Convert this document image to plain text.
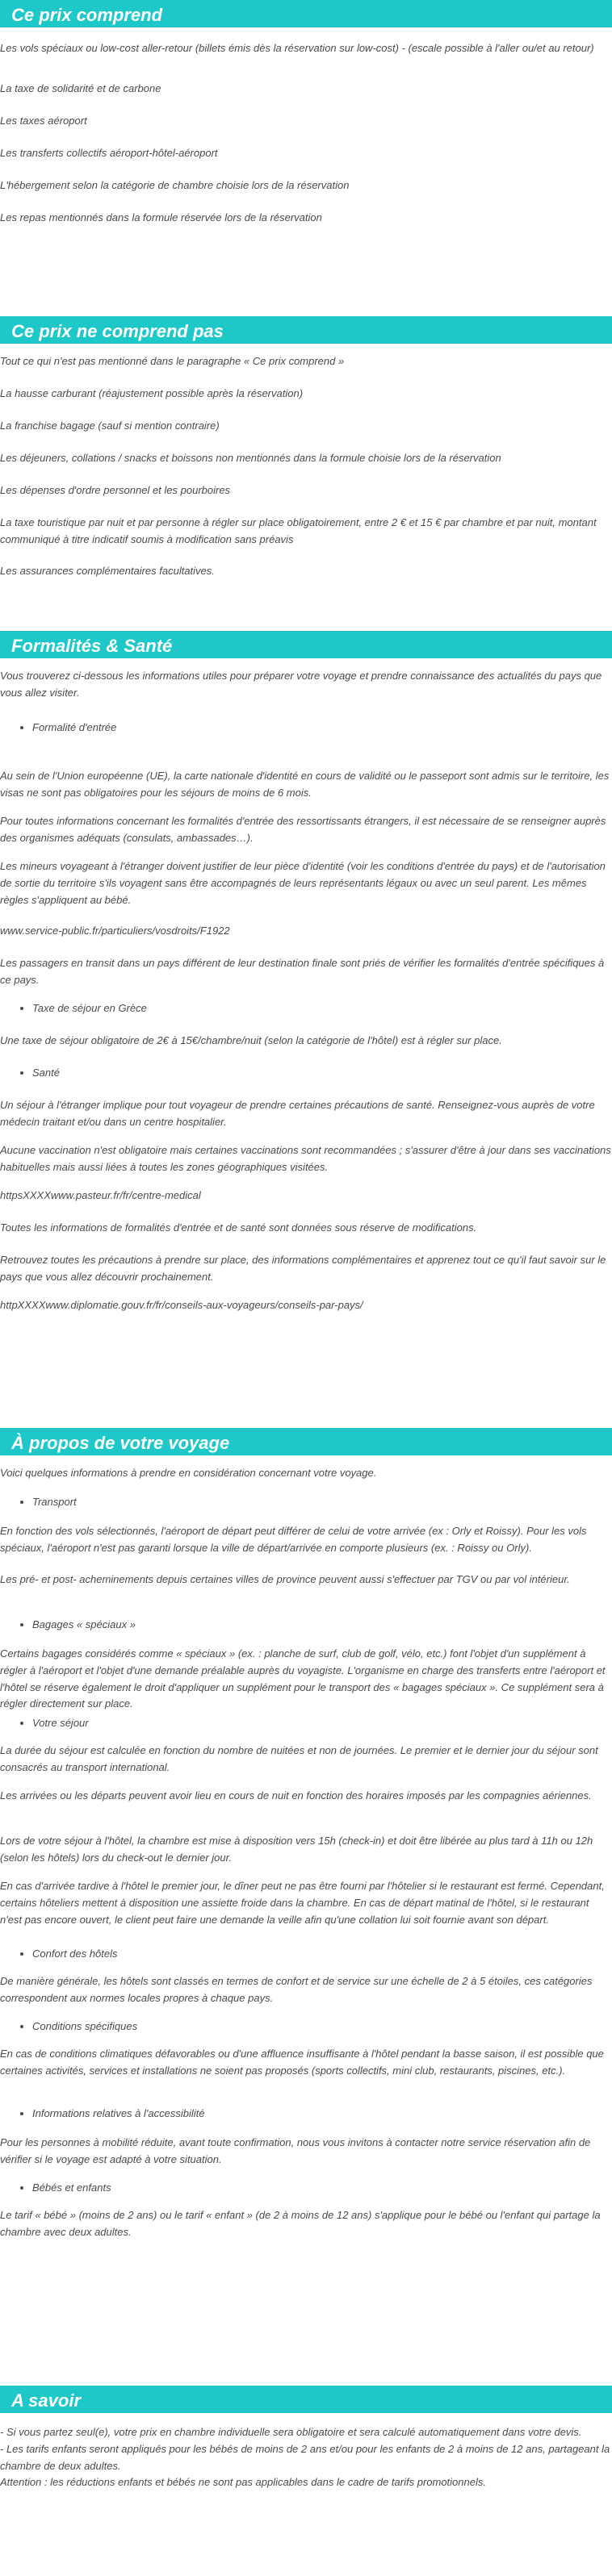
Ce prix comprend

Les vols spéciaux ou low-cost aller-retour (billets émis dès la réservation sur low-cost) - (escale possible à l'aller ou/et au retour)

La taxe de solidarité et de carbone

Les taxes aéroport

Les transferts collectifs aéroport-hôtel-aéroport

L'hébergement selon la catégorie de chambre choisie lors de la réservation

Les repas mentionnés dans la formule réservée lors de la réservation

Ce prix ne comprend pas

Tout ce qui n'est pas mentionné dans le paragraphe « Ce prix comprend »

La hausse carburant (réajustement possible après la réservation)

La franchise bagage (sauf si mention contraire)

Les déjeuners, collations / snacks et boissons non mentionnés dans la formule choisie lors de la réservation

Les dépenses d'ordre personnel et les pourboires

La taxe touristique par nuit et par personne à régler sur place obligatoirement, entre 2 € et 15 € par chambre et par nuit, montant communiqué à titre indicatif soumis à modification sans préavis

Les assurances complémentaires facultatives.

Formalités & Santé

Vous trouverez ci-dessous les informations utiles pour préparer votre voyage et prendre connaissance des actualités du pays que vous allez visiter.

• Formalité d'entrée

Au sein de l'Union européenne (UE), la carte nationale d'identité en cours de validité ou le passeport sont admis sur le territoire, les visas ne sont pas obligatoires pour les séjours de moins de 6 mois.

Pour toutes informations concernant les formalités d'entrée des ressortissants étrangers, il est nécessaire de se renseigner auprès des organismes adéquats (consulats, ambassades…).

Les mineurs voyageant à l'étranger doivent justifier de leur pièce d'identité (voir les conditions d'entrée du pays) et de l'autorisation de sortie du territoire s'ils voyagent sans être accompagnés de leurs représentants légaux ou avec un seul parent. Les mêmes règles s'appliquent au bébé.

www.service-public.fr/particuliers/vosdroits/F1922

Les passagers en transit dans un pays différent de leur destination finale sont priés de vérifier les formalités d'entrée spécifiques à ce pays.

• Taxe de séjour en Grèce

Une taxe de séjour obligatoire de 2€ à 15€/chambre/nuit (selon la catégorie de l'hôtel) est à régler sur place.

• Santé

Un séjour à l'étranger implique pour tout voyageur de prendre certaines précautions de santé. Renseignez-vous auprès de votre médecin traitant et/ou dans un centre hospitalier.

Aucune vaccination n'est obligatoire mais certaines vaccinations sont recommandées ; s'assurer d'être à jour dans ses vaccinations habituelles mais aussi liées à toutes les zones géographiques visitées.

httpsXXXXwww.pasteur.fr/fr/centre-medical

Toutes les informations de formalités d'entrée et de santé sont données sous réserve de modifications.

Retrouvez toutes les précautions à prendre sur place, des informations complémentaires et apprenez tout ce qu'il faut savoir sur le pays que vous allez découvrir prochainement.

httpXXXXwww.diplomatie.gouv.fr/fr/conseils-aux-voyageurs/conseils-par-pays/

À propos de votre voyage

Voici quelques informations à prendre en considération concernant votre voyage.

• Transport

En fonction des vols sélectionnés, l'aéroport de départ peut différer de celui de votre arrivée (ex : Orly et Roissy). Pour les vols spéciaux, l'aéroport n'est pas garanti lorsque la ville de départ/arrivée en comporte plusieurs (ex. : Roissy ou Orly).

Les pré- et post- acheminements depuis certaines villes de province peuvent aussi s'effectuer par TGV ou par vol intérieur.

• Bagages « spéciaux »

Certains bagages considérés comme « spéciaux » (ex. : planche de surf, club de golf, vélo, etc.) font l'objet d'un supplément à régler à l'aéroport et l'objet d'une demande préalable auprès du voyagiste. L'organisme en charge des transferts entre l'aéroport et l'hôtel se réserve également le droit d'appliquer un supplément pour le transport des « bagages spéciaux ». Ce supplément sera à régler directement sur place.

• Votre séjour

La durée du séjour est calculée en fonction du nombre de nuitées et non de journées. Le premier et le dernier jour du séjour sont consacrés au transport international.

Les arrivées ou les départs peuvent avoir lieu en cours de nuit en fonction des horaires imposés par les compagnies aériennes.

Lors de votre séjour à l'hôtel, la chambre est mise à disposition vers 15h (check-in) et doit être libérée au plus tard à 11h ou 12h (selon les hôtels) lors du check-out le dernier jour.

En cas d'arrivée tardive à l'hôtel le premier jour, le dîner peut ne pas être fourni par l'hôtelier si le restaurant est fermé. Cependant, certains hôteliers mettent à disposition une assiette froide dans la chambre. En cas de départ matinal de l'hôtel, si le restaurant n'est pas encore ouvert, le client peut faire une demande la veille afin qu'une collation lui soit fournie avant son départ.

• Confort des hôtels

De manière générale, les hôtels sont classés en termes de confort et de service sur une échelle de 2 à 5 étoiles, ces catégories correspondent aux normes locales propres à chaque pays.

• Conditions spécifiques

En cas de conditions climatiques défavorables ou d'une affluence insuffisante à l'hôtel pendant la basse saison, il est possible que certaines activités, services et installations ne soient pas proposés (sports collectifs, mini club, restaurants, piscines, etc.).

• Informations relatives à l'accessibilité

Pour les personnes à mobilité réduite, avant toute confirmation, nous vous invitons à contacter notre service réservation afin de vérifier si le voyage est adapté à votre situation.

• Bébés et enfants

Le tarif « bébé » (moins de 2 ans) ou le tarif « enfant » (de 2 à moins de 12 ans) s'applique pour le bébé ou l'enfant qui partage la chambre avec deux adultes.

A savoir

- Si vous partez seul(e), votre prix en chambre individuelle sera obligatoire et sera calculé automatiquement dans votre devis.

- Les tarifs enfants seront appliqués pour les bébés de moins de 2 ans et/ou pour les enfants de 2 à moins de 12 ans, partageant la chambre de deux adultes.

Attention : les réductions enfants et bébés ne sont pas applicables dans le cadre de tarifs promotionnels.
